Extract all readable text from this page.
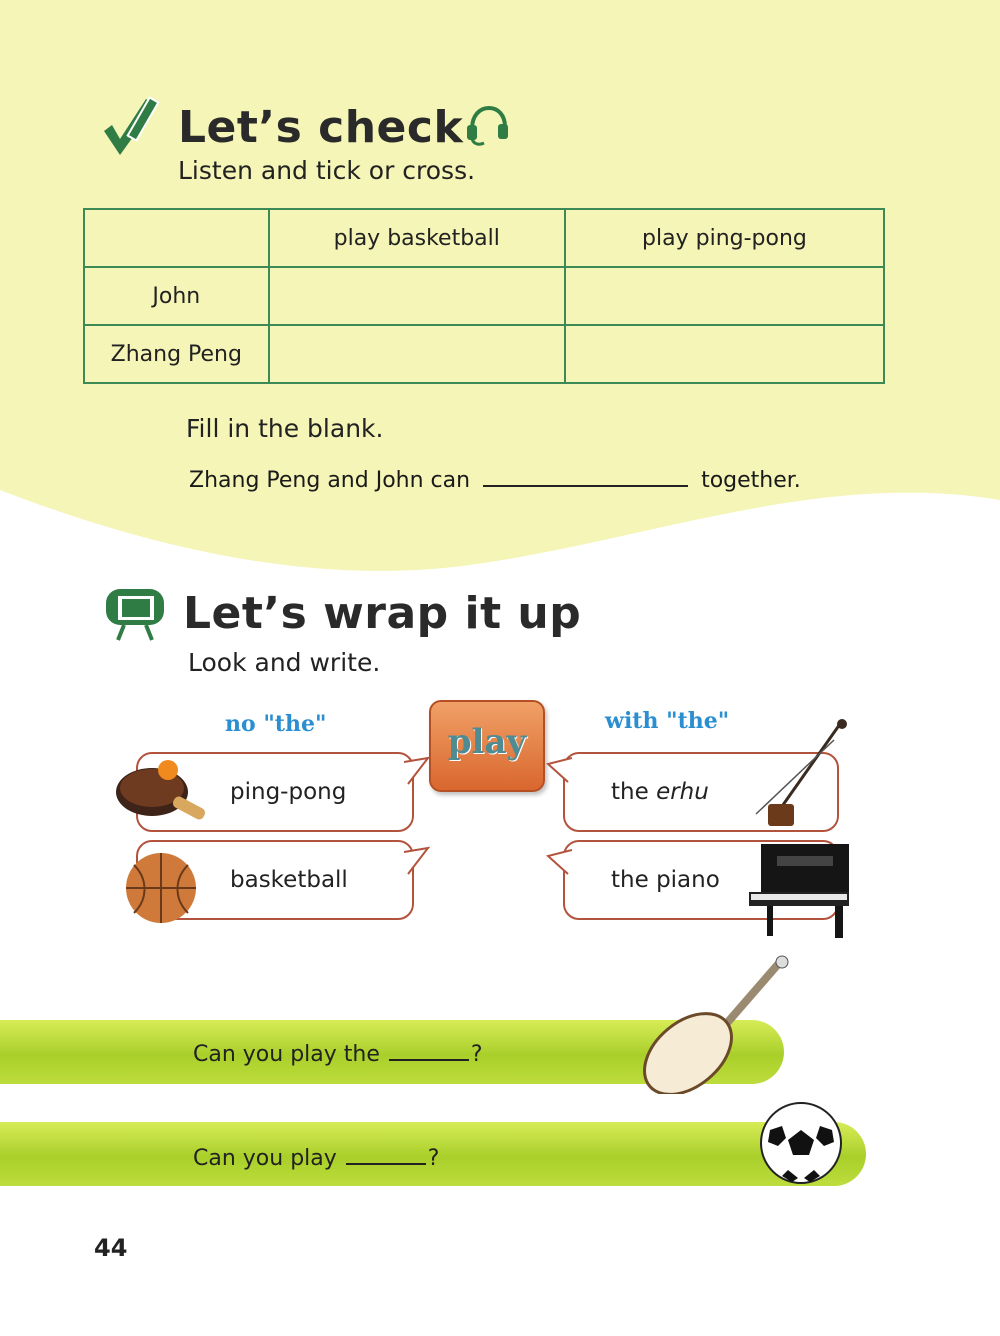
Let’s check
Listen and tick or cross.
	play basketball	play ping-pong
John		
Zhang Peng		
Fill in the blank.
Zhang Peng and John can	together.
Let’s wrap it up
Look and write.
no "the"	with "the"
play
ping-pong
basketball
the erhu
the piano
Can you play the	?
Can you play	?
44
